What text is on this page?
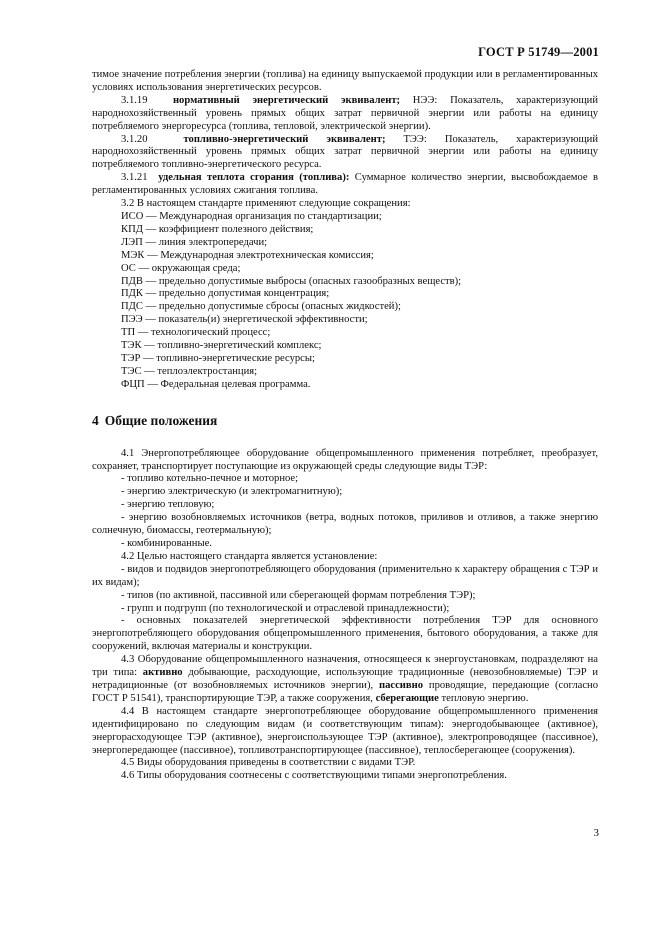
ГОСТ Р 51749—2001

тимое значение потребления энергии (топлива) на единицу выпускаемой продукции или в регламентированных условиях использования энергетических ресурсов.

3.1.19 нормативный энергетический эквивалент; НЭЭ: Показатель, характеризующий народнохозяйственный уровень прямых общих затрат первичной энергии или работы на единицу потребляемого энергоресурса (топлива, тепловой, электрической энергии).

3.1.20	топливно-энергетический эквивалент; ТЭЭ: Показатель, характеризующий народнохозяйственный уровень прямых общих затрат первичной энергии или работы на единицу потребляемого топливно-энергетического ресурса.

3.1.21 удельная теплота сгорания (топлива): Суммарное количество энергии, высвобождаемое в регламентированных условиях сжигания топлива.

3.2 В настоящем стандарте применяют следующие сокращения:

ИСО — Международная организация по стандартизации;

КПД — коэффициент полезного действия;

ЛЭП — линия электропередачи;

МЭК — Международная электротехническая комиссия;

ОС — окружающая среда;

ПДВ — предельно допустимые выбросы (опасных газообразных веществ);

ПДК — предельно допустимая концентрация;

ПДС — предельно допустимые сбросы (опасных жидкостей);

ПЭЭ — показатель(и) энергетической эффективности;

ТП — технологический процесс;

ТЭК — топливно-энергетический комплекс;

ТЭР — топливно-энергетические ресурсы;

ТЭС — теплоэлектростанция;

ФЦП — Федеральная целевая программа.

4 Общие положения

4.1 Энергопотребляющее оборудование общепромышленного применения потребляет, преобразует, сохраняет, транспортирует поступающие из окружающей среды следующие виды ТЭР:

- топливо котельно-печное и моторное;

- энергию электрическую (и электромагнитную);

- энергию тепловую;

- энергию возобновляемых источников (ветра, водных потоков, приливов и отливов, а также энергию солнечную, биомассы, геотермальную);

- комбинированные.

4.2 Целью настоящего стандарта является установление:

- видов и подвидов энергопотребляющего оборудования (применительно к характеру обращения с ТЭР и их видам);

- типов (по активной, пассивной или сберегающей формам потребления ТЭР);

- групп и подгрупп (по технологической и отраслевой принадлежности);

- основных показателей энергетической эффективности потребления ТЭР для основного энергопотребляющего оборудования общепромышленного применения, бытового оборудования, а также для сооружений, включая материалы и конструкции.

4.3 Оборудование общепромышленного назначения, относящееся к энергоустановкам, подразделяют на три типа: активно добывающие, расходующие, использующие традиционные (невозобновляемые) ТЭР и нетрадиционные (от возобновляемых источников энергии), пассивно проводящие, передающие (согласно ГОСТ Р 51541), транспортирующие ТЭР, а также сооружения, сберегающие тепловую энергию.

4.4 В настоящем стандарте энергопотребляющее оборудование общепромышленного применения идентифицировано по следующим видам (и соответствующим типам): энергодобывающее (активное), энергорасходующее ТЭР (активное), энергоиспользующее ТЭР (активное), электропроводящее (пассивное), энергопередающее (пассивное), топливотранспортирующее (пассивное), теплосберегающее (сооружения).

4.5 Виды оборудования приведены в соответствии с видами ТЭР.

4.6 Типы оборудования соотнесены с соответствующими типами энергопотребления.

3
